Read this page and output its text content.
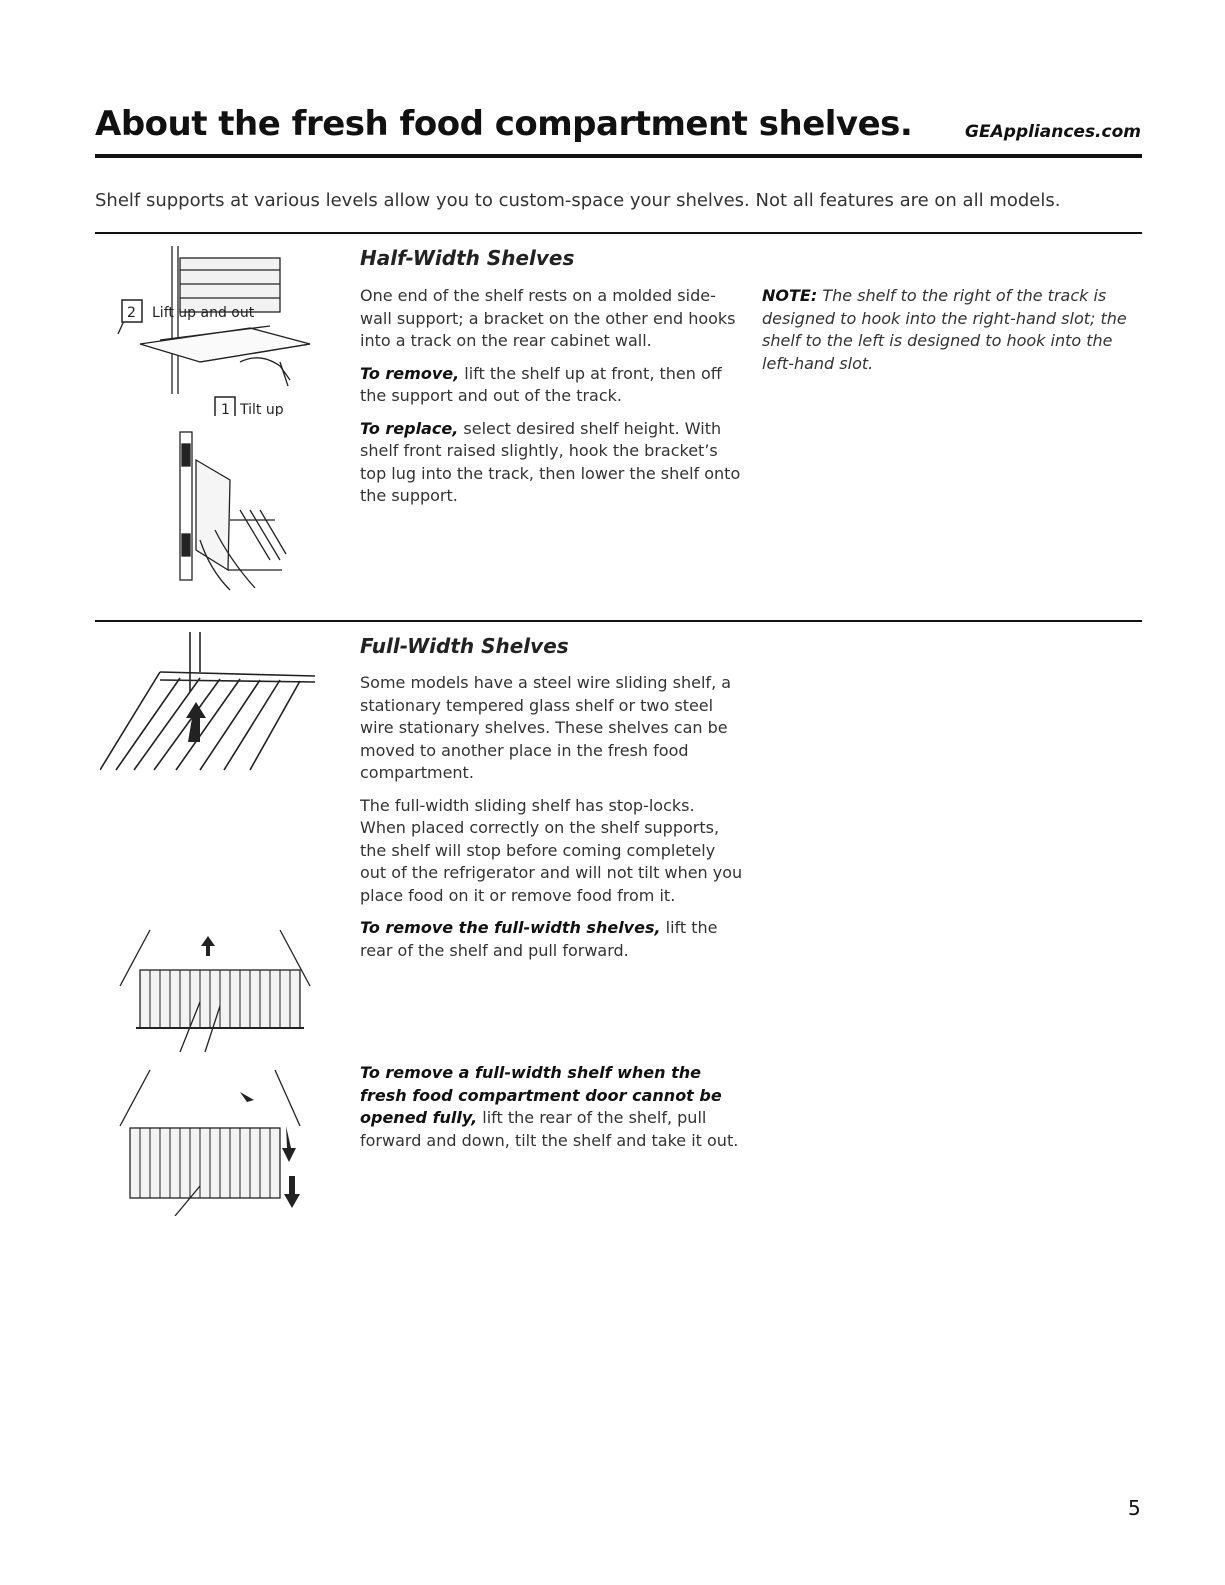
About the fresh food compartment shelves.	GEAppliances.com
Shelf supports at various levels allow you to custom-space your shelves. Not all features are on all models.
2 Lift up and out
1 Tilt up
Half-Width Shelves

One end of the shelf rests on a molded side-wall support; a bracket on the other end hooks into a track on the rear cabinet wall.

To remove, lift the shelf up at front, then off the support and out of the track.

To replace, select desired shelf height. With shelf front raised slightly, hook the bracket’s top lug into the track, then lower the shelf onto the support.

NOTE: The shelf to the right of the track is designed to hook into the right-hand slot; the shelf to the left is designed to hook into the left-hand slot.
Full-Width Shelves

Some models have a steel wire sliding shelf, a stationary tempered glass shelf or two steel wire stationary shelves. These shelves can be moved to another place in the fresh food compartment.

The full-width sliding shelf has stop-locks. When placed correctly on the shelf supports, the shelf will stop before coming completely out of the refrigerator and will not tilt when you place food on it or remove food from it.

To remove the full-width shelves, lift the rear of the shelf and pull forward.

To remove a full-width shelf when the fresh food compartment door cannot be opened fully, lift the rear of the shelf, pull forward and down, tilt the shelf and take it out.

5
